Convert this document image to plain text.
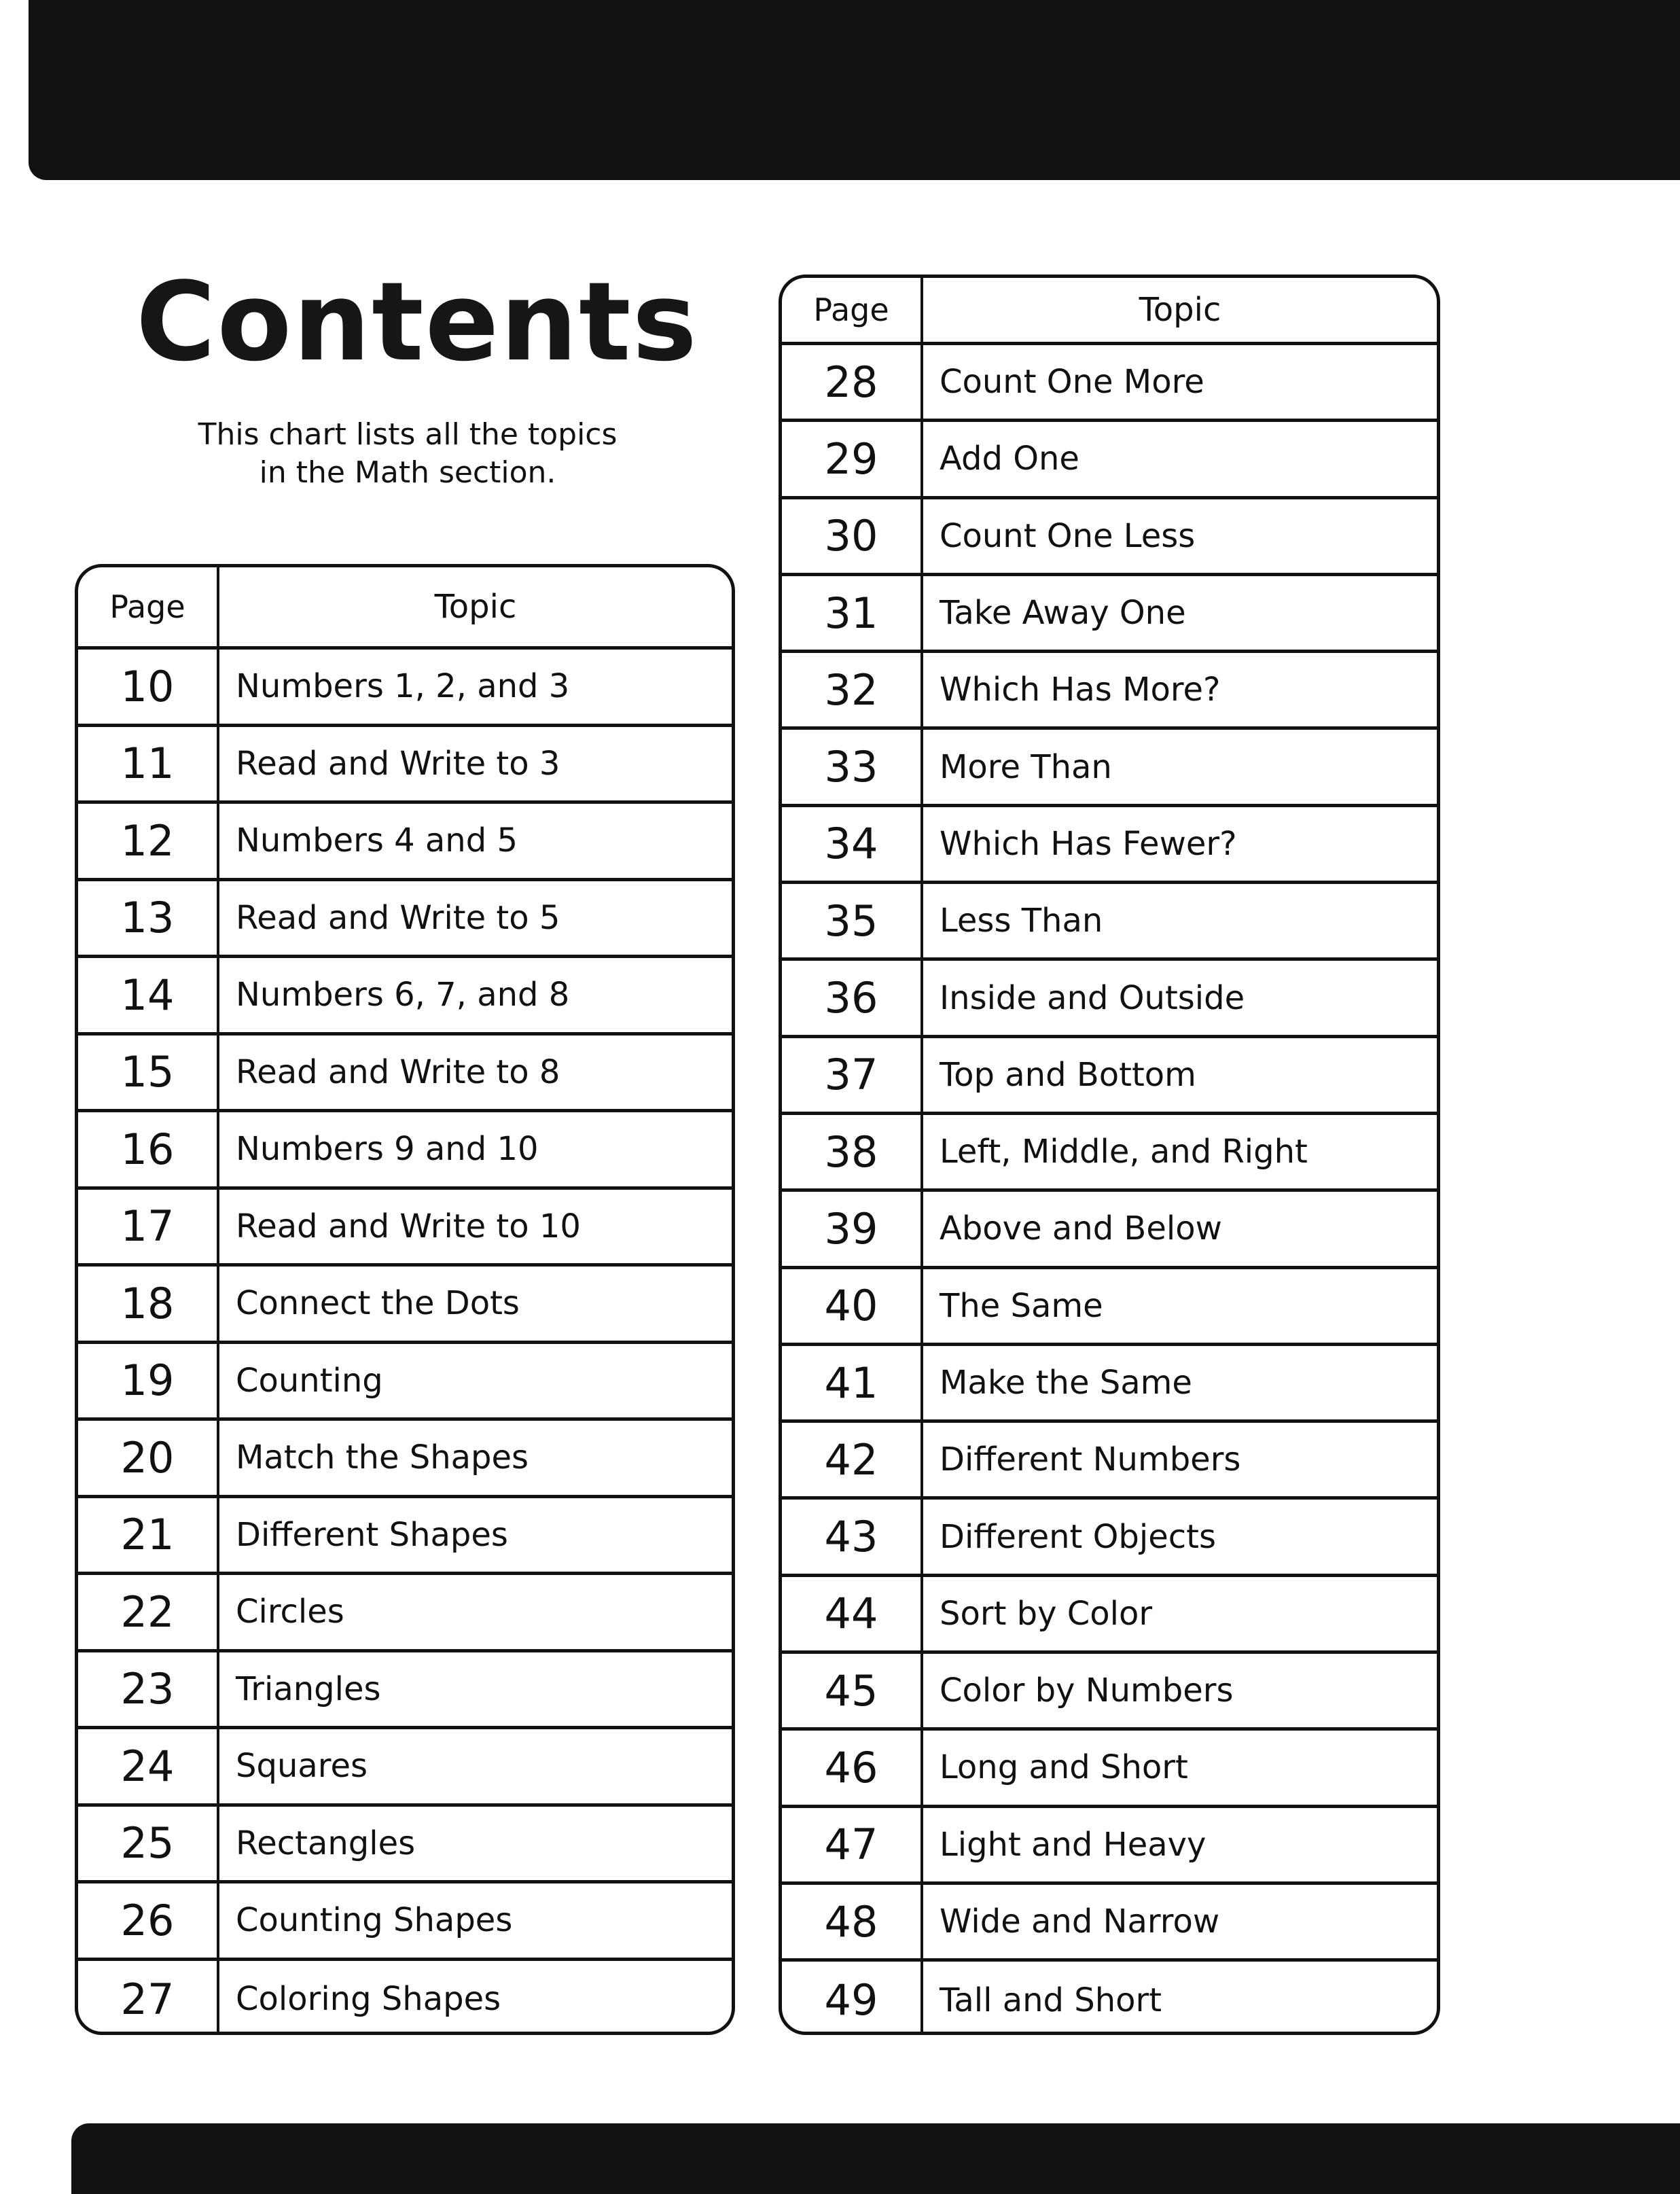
Contents
This chart lists all the topics
in the Math section.
Page	Topic
10	Numbers 1, 2, and 3
11	Read and Write to 3
12	Numbers 4 and 5
13	Read and Write to 5
14	Numbers 6, 7, and 8
15	Read and Write to 8
16	Numbers 9 and 10
17	Read and Write to 10
18	Connect the Dots
19	Counting
20	Match the Shapes
21	Different Shapes
22	Circles
23	Triangles
24	Squares
25	Rectangles
26	Counting Shapes
27	Coloring Shapes
Page	Topic
28	Count One More
29	Add One
30	Count One Less
31	Take Away One
32	Which Has More?
33	More Than
34	Which Has Fewer?
35	Less Than
36	Inside and Outside
37	Top and Bottom
38	Left, Middle, and Right
39	Above and Below
40	The Same
41	Make the Same
42	Different Numbers
43	Different Objects
44	Sort by Color
45	Color by Numbers
46	Long and Short
47	Light and Heavy
48	Wide and Narrow
49	Tall and Short
